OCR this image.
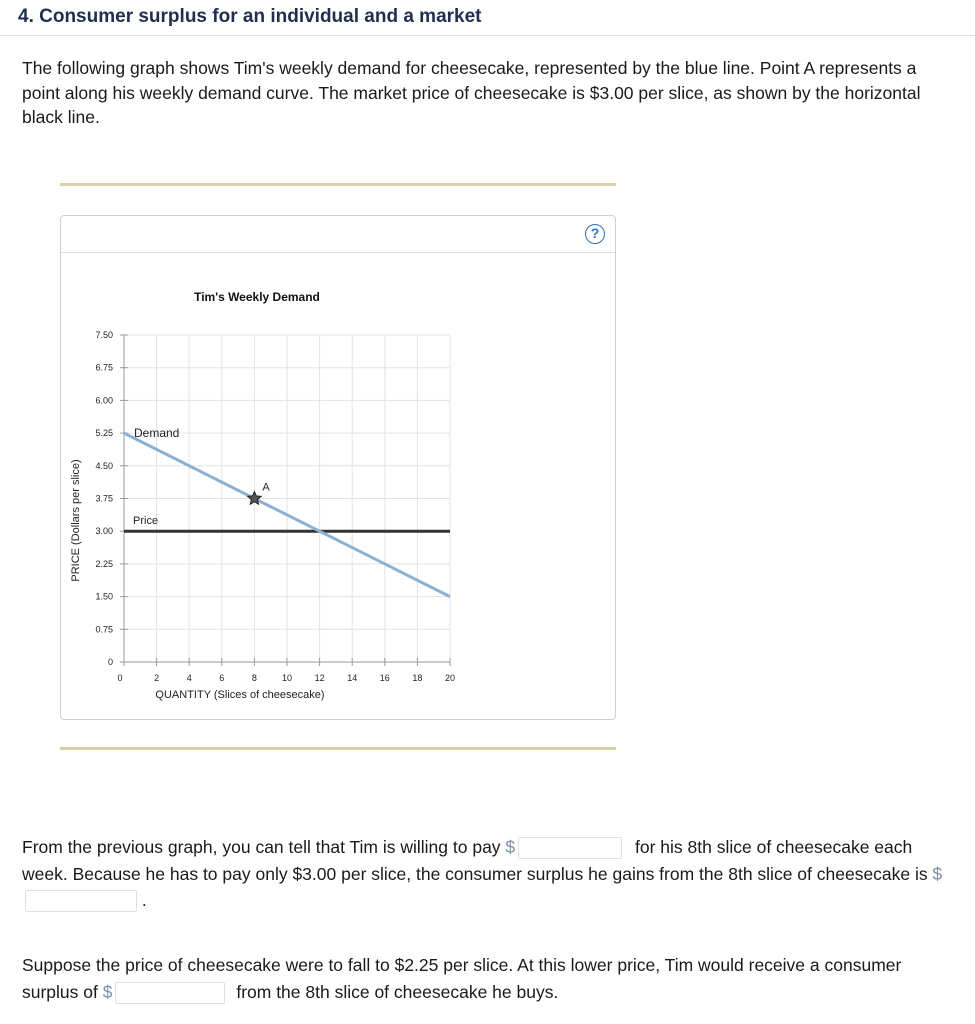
4. Consumer surplus for an individual and a market

The following graph shows Tim's weekly demand for cheesecake, represented by the blue line. Point A represents a point along his weekly demand curve. The market price of cheesecake is $3.00 per slice, as shown by the horizontal black line.

?
0	2	4	6	8	10	12	14	16	18	20
0
0.75
1.50
2.25
3.00
3.75
4.50
5.25
6.00
6.75
7.50
Tim's Weekly Demand
QUANTITY (Slices of cheesecake)
PRICE (Dollars per slice)
Demand
Price
A

From the previous graph, you can tell that Tim is willing to pay $	for his 8th slice of cheesecake each week. Because he has to pay only $3.00 per slice, the consumer surplus he gains from the 8th slice of cheesecake is $ .

Suppose the price of cheesecake were to fall to $2.25 per slice. At this lower price, Tim would receive a consumer surplus of $	from the 8th slice of cheesecake he buys.
